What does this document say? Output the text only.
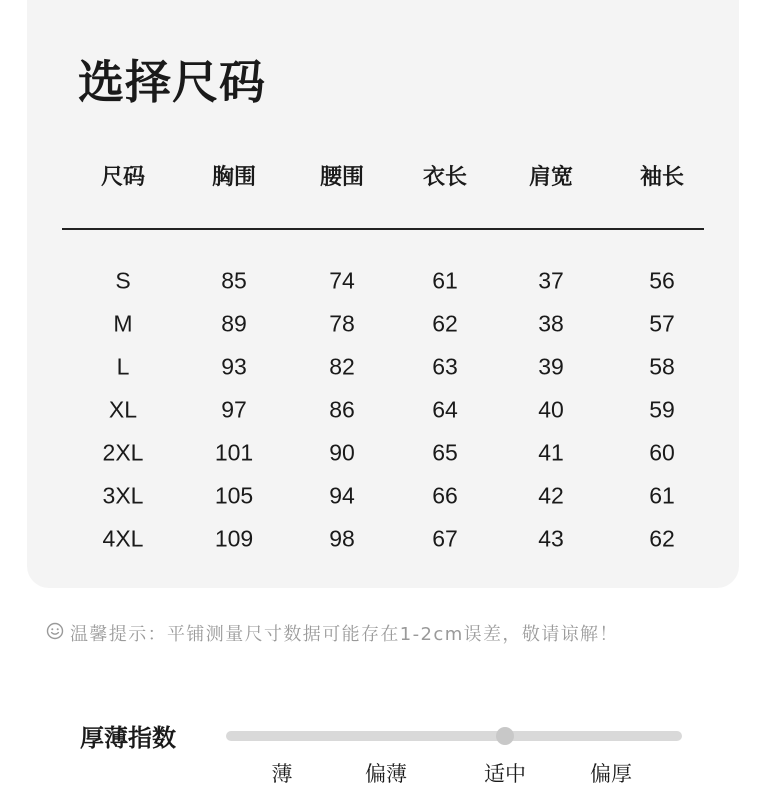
选择尺码
尺码	胸围	腰围	衣长	肩宽	袖长
S	85	74	61	37	56
M	89	78	62	38	57
L	93	82	63	39	58
XL	97	86	64	40	59
2XL	101	90	65	41	60
3XL	105	94	66	42	61
4XL	109	98	67	43	62
温馨提示：平铺测量尺寸数据可能存在1-2cm误差，敬请谅解！
厚薄指数
薄	偏薄	适中	偏厚
